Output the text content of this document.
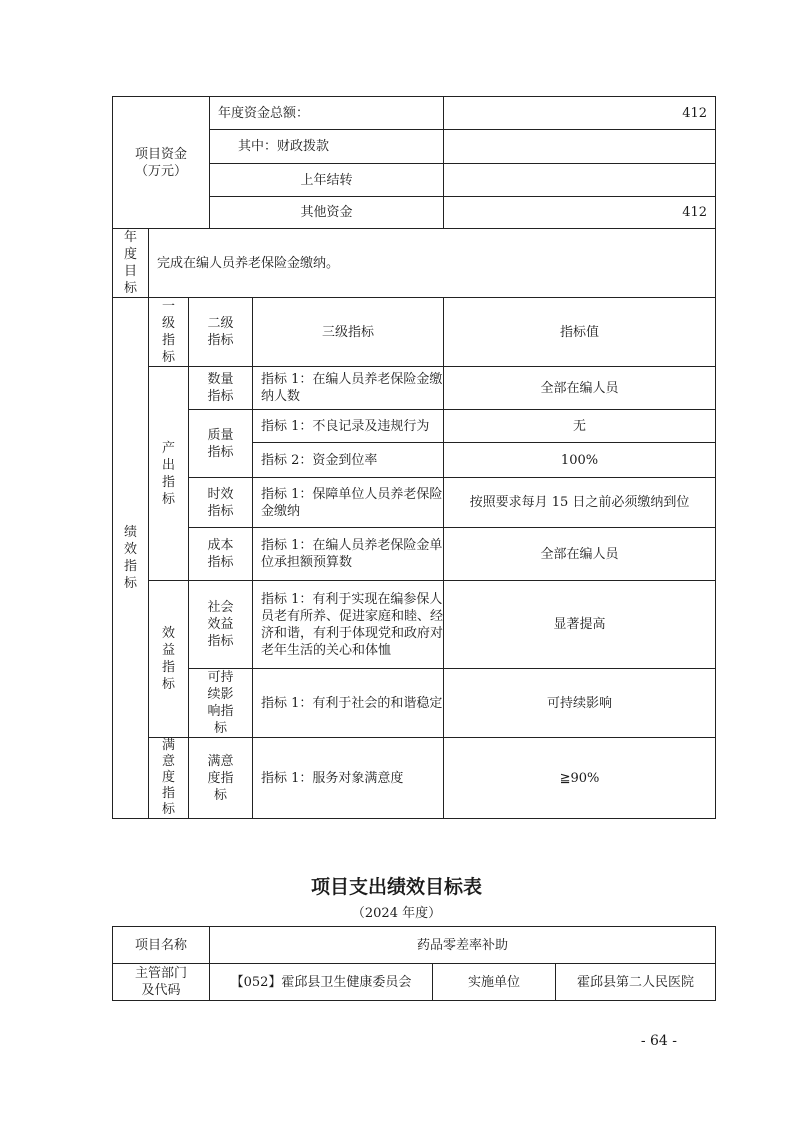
项目资金（万元）			年度资金总额：		412
			其中：财政拨款		
			上年结转		
			其他资金		412
年度目标	完成在编人员养老保险金缴纳。				
绩效指标	一级指标	二级指标		三级指标	指标值
	产出指标	数量指标		指标 1：在编人员养老保险金缴纳人数	全部在编人员

		质量指标		指标 1：不良记录及违规行为	无
				指标 2：资金到位率	100%

		时效指标		指标 1：保障单位人员养老保险金缴纳	按照要求每月 15 日之前必须缴纳到位

		成本指标		指标 1：在编人员养老保险金单位承担额预算数	全部在编人员
	效益指标	社会效益指标		指标 1：有利于实现在编参保人员老有所养、促进家庭和睦、经济和谐，有利于体现党和政府对老年生活的关心和体恤	显著提高

		可持续影响指标		指标 1：有利于社会的和谐稳定	可持续影响
	满意度指标	满意度指标		指标 1：服务对象满意度	≧90%
项目支出绩效目标表
（2024 年度）
项目名称	药品零差率补助		

主管部门及代码	【052】霍邱县卫生健康委员会	实施单位	霍邱县第二人民医院
- 64 -
